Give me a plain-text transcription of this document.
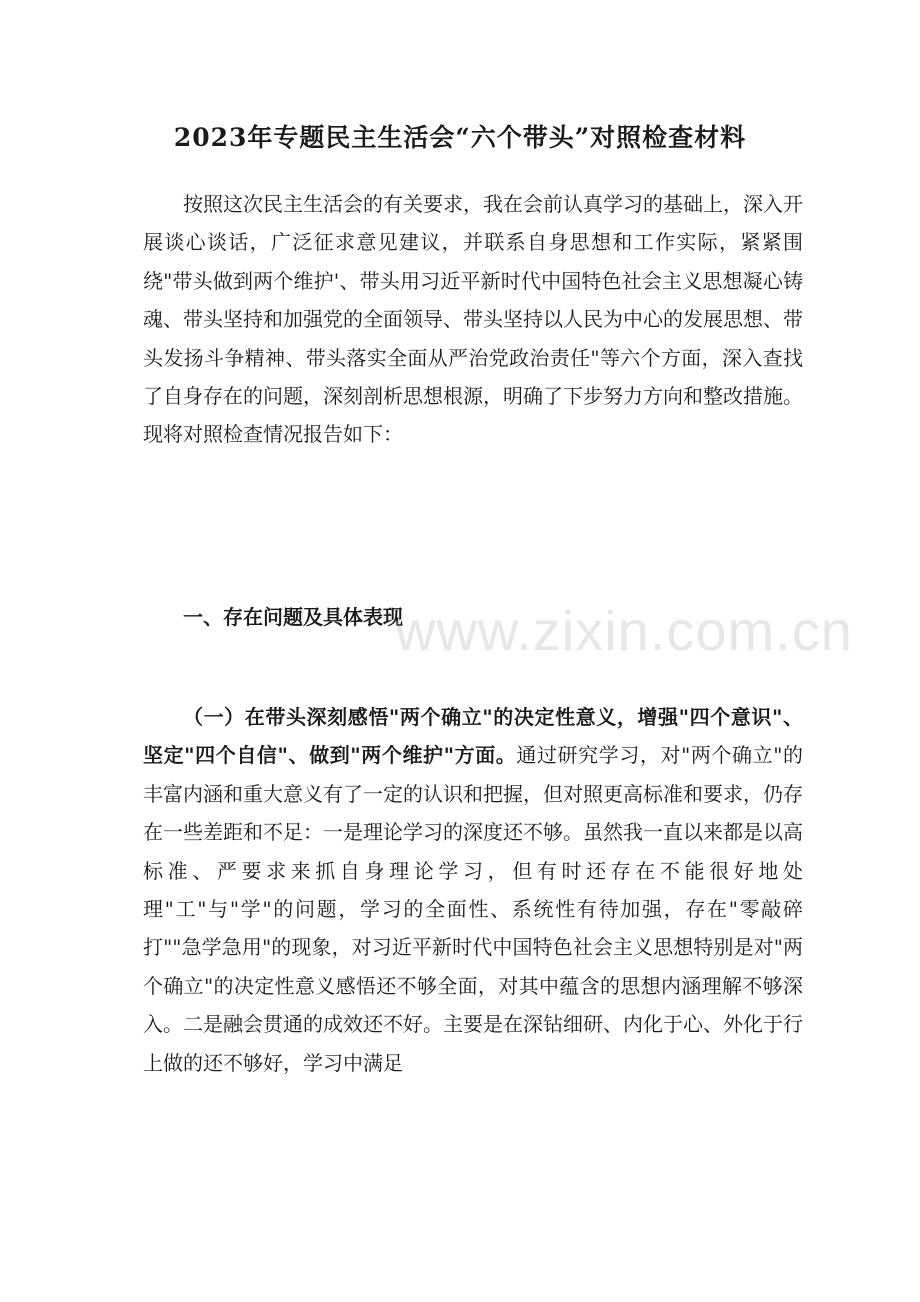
2023年专题民主生活会“六个带头”对照检查材料
按照这次民主生活会的有关要求，我在会前认真学习的基础上，深入开展谈心谈话，广泛征求意见建议，并联系自身思想和工作实际，紧紧围绕"带头做到两个维护'、带头用习近平新时代中国特色社会主义思想凝心铸魂、带头坚持和加强党的全面领导、带头坚持以人民为中心的发展思想、带头发扬斗争精神、带头落实全面从严治党政治责任"等六个方面，深入查找了自身存在的问题，深刻剖析思想根源，明确了下步努力方向和整改措施。现将对照检查情况报告如下：
一、存在问题及具体表现
（一）在带头深刻感悟"两个确立"的决定性意义，增强"四个意识"、坚定"四个自信"、做到"两个维护"方面。通过研究学习，对"两个确立"的丰富内涵和重大意义有了一定的认识和把握，但对照更高标准和要求，仍存在一些差距和不足：一是理论学习的深度还不够。虽然我一直以来都是以高标准、严要求来抓自身理论学习，但有时还存在不能很好地处理"工"与"学"的问题，学习的全面性、系统性有待加强，存在"零敲碎打""急学急用"的现象，对习近平新时代中国特色社会主义思想特别是对"两个确立"的决定性意义感悟还不够全面，对其中蕴含的思想内涵理解不够深入。二是融会贯通的成效还不好。主要是在深钻细研、内化于心、外化于行上做的还不够好，学习中满足
www.zixin.com.cn
